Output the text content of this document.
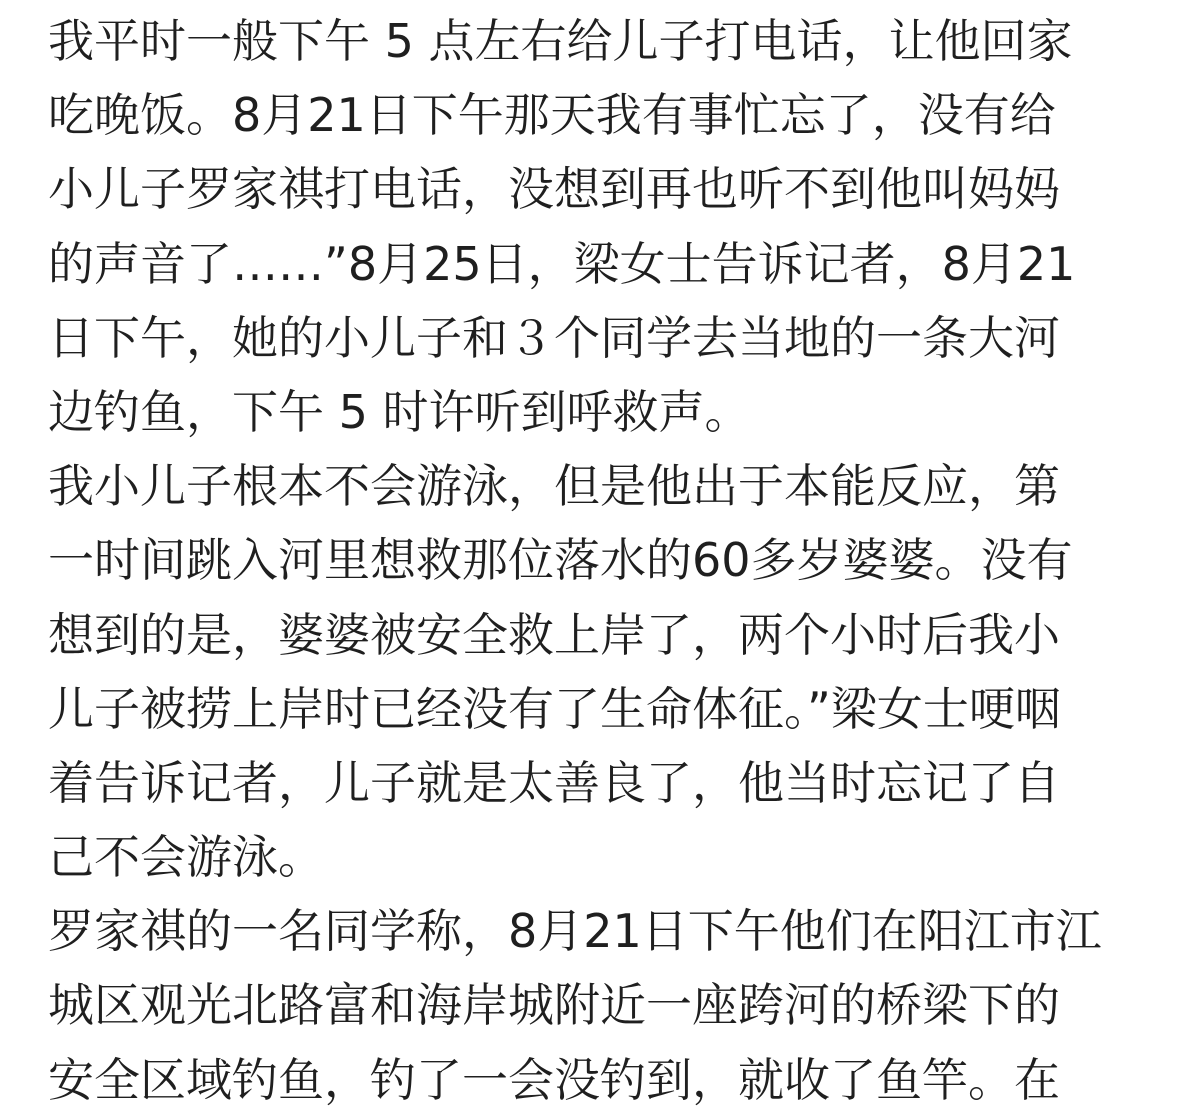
我平时一般下午 5 点左右给儿子打电话，让他回家
吃晚饭。8月21日下午那天我有事忙忘了，没有给
小儿子罗家祺打电话，没想到再也听不到他叫妈妈
的声音了……”8月25日，梁女士告诉记者，8月21
日下午，她的小儿子和３个同学去当地的一条大河
边钓鱼，下午 5 时许听到呼救声。
我小儿子根本不会游泳，但是他出于本能反应，第
一时间跳入河里想救那位落水的60多岁婆婆。没有
想到的是，婆婆被安全救上岸了，两个小时后我小
儿子被捞上岸时已经没有了生命体征。”梁女士哽咽
着告诉记者，儿子就是太善良了，他当时忘记了自
己不会游泳。
罗家祺的一名同学称，8月21日下午他们在阳江市江
城区观光北路富和海岸城附近一座跨河的桥梁下的
安全区域钓鱼，钓了一会没钓到，就收了鱼竿。在
